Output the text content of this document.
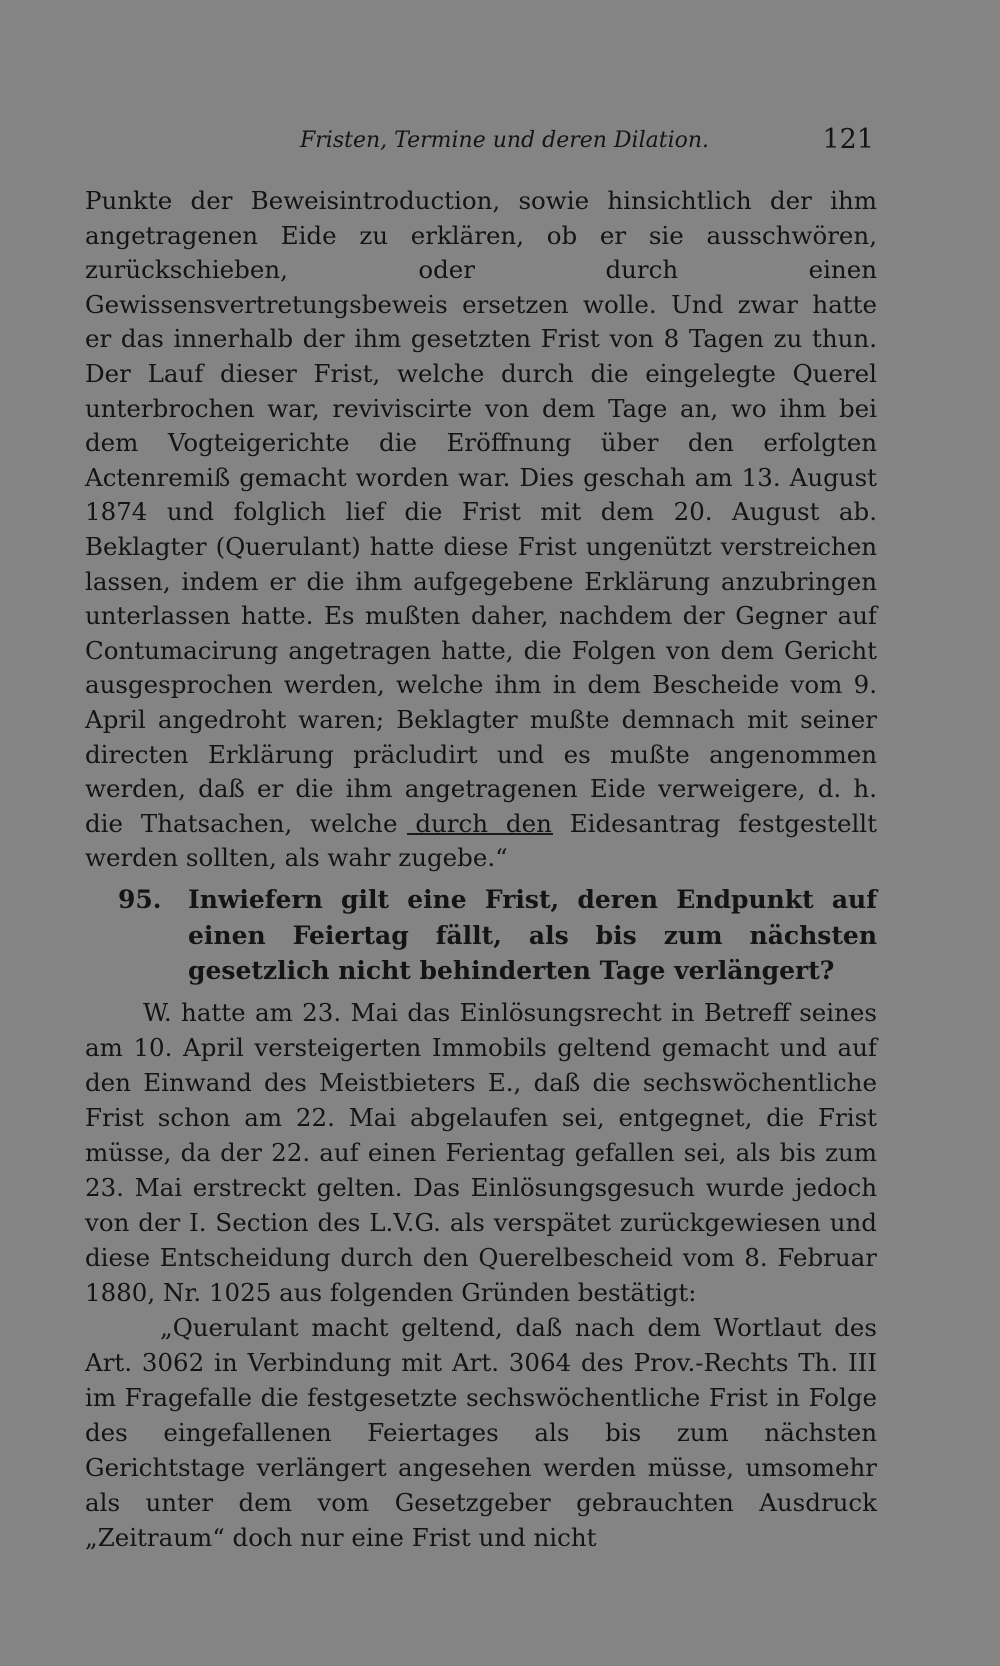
Fristen, Termine und deren Dilation.	121

Punkte der Beweisintroduction, sowie hinsichtlich der ihm angetragenen Eide zu erklären, ob er sie ausschwören, zurückschieben, oder durch einen Gewissensvertretungsbeweis ersetzen wolle. Und zwar hatte er das innerhalb der ihm gesetzten Frist von 8 Tagen zu thun. Der Lauf dieser Frist, welche durch die eingelegte Querel unterbrochen war, reviviscirte von dem Tage an, wo ihm bei dem Vogteigerichte die Eröffnung über den erfolgten Actenremiß gemacht worden war. Dies geschah am 13. August 1874 und folglich lief die Frist mit dem 20. August ab. Beklagter (Querulant) hatte diese Frist ungenützt verstreichen lassen, indem er die ihm aufgegebene Erklärung anzubringen unterlassen hatte. Es mußten daher, nachdem der Gegner auf Contumacirung angetragen hatte, die Folgen von dem Gericht ausgesprochen werden, welche ihm in dem Bescheide vom 9. April angedroht waren; Beklagter mußte demnach mit seiner directen Erklärung präcludirt und es mußte angenommen werden, daß er die ihm angetragenen Eide verweigere, d. h. die Thatsachen, welche durch den Eidesantrag festgestellt werden sollten, als wahr zugebe.“

95. Inwiefern gilt eine Frist, deren Endpunkt auf einen Feiertag fällt, als bis zum nächsten gesetzlich nicht behinderten Tage verlängert?

W. hatte am 23. Mai das Einlösungsrecht in Betreff seines am 10. April versteigerten Immobils geltend gemacht und auf den Einwand des Meistbieters E., daß die sechswöchentliche Frist schon am 22. Mai abgelaufen sei, entgegnet, die Frist müsse, da der 22. auf einen Ferientag gefallen sei, als bis zum 23. Mai erstreckt gelten. Das Einlösungsgesuch wurde jedoch von der I. Section des L.V.G. als verspätet zurückgewiesen und diese Entscheidung durch den Querelbescheid vom 8. Februar 1880, Nr. 1025 aus folgenden Gründen bestätigt:

„Querulant macht geltend, daß nach dem Wortlaut des Art. 3062 in Verbindung mit Art. 3064 des Prov.-Rechts Th. III im Fragefalle die festgesetzte sechswöchentliche Frist in Folge des eingefallenen Feiertages als bis zum nächsten Gerichtstage verlängert angesehen werden müsse, umsomehr als unter dem vom Gesetzgeber gebrauchten Ausdruck „Zeitraum“ doch nur eine Frist und nicht
